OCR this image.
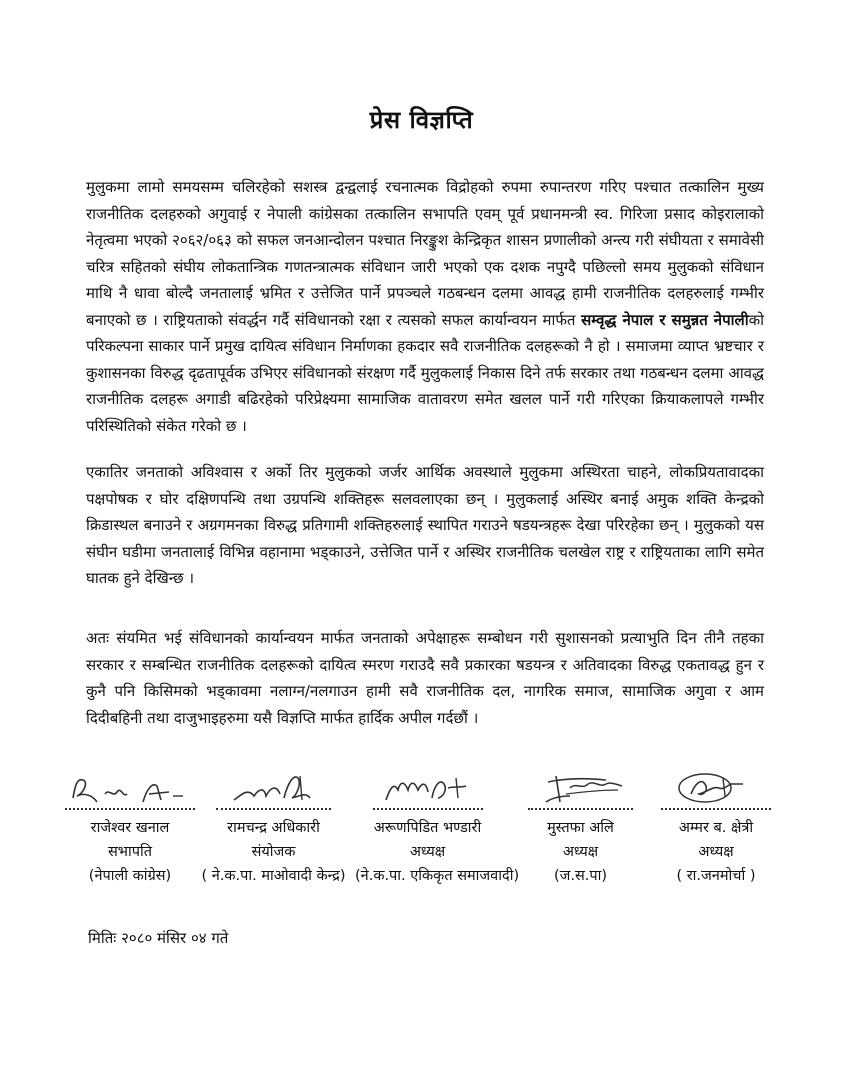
प्रेस विज्ञप्ति

मुलुकमा लामो समयसम्म चलिरहेको सशस्त्र द्वन्द्वलाई रचनात्मक विद्रोहको रुपमा रुपान्तरण गरिए पश्चात तत्कालिन मुख्य राजनीतिक दलहरुको अगुवाई र नेपाली कांग्रेसका तत्कालिन सभापति एवम् पूर्व प्रधानमन्त्री स्व. गिरिजा प्रसाद कोइरालाको नेतृत्वमा भएको २०६२/०६३ को सफल जनआन्दोलन पश्चात निरङ्कुश केन्द्रिकृत शासन प्रणालीको अन्त्य गरी संघीयता र समावेसी चरित्र सहितको संघीय लोकतान्त्रिक गणतन्त्रात्मक संविधान जारी भएको एक दशक नपुग्दै पछिल्लो समय मुलुकको संविधान माथि नै धावा बोल्दै जनतालाई भ्रमित र उत्तेजित पार्ने प्रपञ्चले गठबन्धन दलमा आवद्ध हामी राजनीतिक दलहरुलाई गम्भीर बनाएको छ । राष्ट्रियताको संवर्द्धन गर्दै संविधानको रक्षा र त्यसको सफल कार्यान्वयन मार्फत सम्वृद्ध नेपाल र समुन्नत नेपालीको परिकल्पना साकार पार्ने प्रमुख दायित्व संविधान निर्माणका हकदार सवै राजनीतिक दलहरूको नै हो । समाजमा व्याप्त भ्रष्टचार र कुशासनका विरुद्ध दृढतापूर्वक उभिएर संविधानको संरक्षण गर्दै मुलुकलाई निकास दिने तर्फ सरकार तथा गठबन्धन दलमा आवद्ध राजनीतिक दलहरू अगाडी बढिरहेको परिप्रेक्ष्यमा सामाजिक वातावरण समेत खलल पार्ने गरी गरिएका क्रियाकलापले गम्भीर परिस्थितिको संकेत गरेको छ ।

एकातिर जनताको अविश्वास र अर्को तिर मुलुकको जर्जर आर्थिक अवस्थाले मुलुकमा अस्थिरता चाहने, लोकप्रियतावादका पक्षपोषक र घोर दक्षिणपन्थि तथा उग्रपन्थि शक्तिहरू सलवलाएका छन् । मुलुकलाई अस्थिर बनाई अमुक शक्ति केन्द्रको क्रिडास्थल बनाउने र अग्रगमनका विरुद्ध प्रतिगामी शक्तिहरुलाई स्थापित गराउने षडयन्त्रहरू देखा परिरहेका छन् । मुलुकको यस संघीन घडीमा जनतालाई विभिन्न वहानामा भड्काउने, उत्तेजित पार्ने र अस्थिर राजनीतिक चलखेल राष्ट्र र राष्ट्रियताका लागि समेत घातक हुने देखिन्छ ।

अतः संयमित भई संविधानको कार्यान्वयन मार्फत जनताको अपेक्षाहरू सम्बोधन गरी सुशासनको प्रत्याभुति दिन तीनै तहका सरकार र सम्बन्धित राजनीतिक दलहरूको दायित्व स्मरण गराउदै सवै प्रकारका षडयन्त्र र अतिवादका विरुद्ध एकतावद्ध हुन र कुनै पनि किसिमको भड्कावमा नलाग्न/नलगाउन हामी सवै राजनीतिक दल, नागरिक समाज, सामाजिक अगुवा र आम दिदीबहिनी तथा दाजुभाइहरुमा यसै विज्ञप्ति मार्फत हार्दिक अपील गर्दछौं ।

राजेश्वर खनाल
सभापति
(नेपाली कांग्रेस)
रामचन्द्र अधिकारी
संयोजक
( ने.क.पा. माओवादी केन्द्र)
अरूणपिडित भण्डारी
अध्यक्ष
(ने.क.पा. एकिकृत समाजवादी)
मुस्तफा अलि
अध्यक्ष
(ज.स.पा)
अम्मर ब. क्षेत्री
अध्यक्ष
( रा.जनमोर्चा )
मितिः २०८० मंसिर ०४ गते
